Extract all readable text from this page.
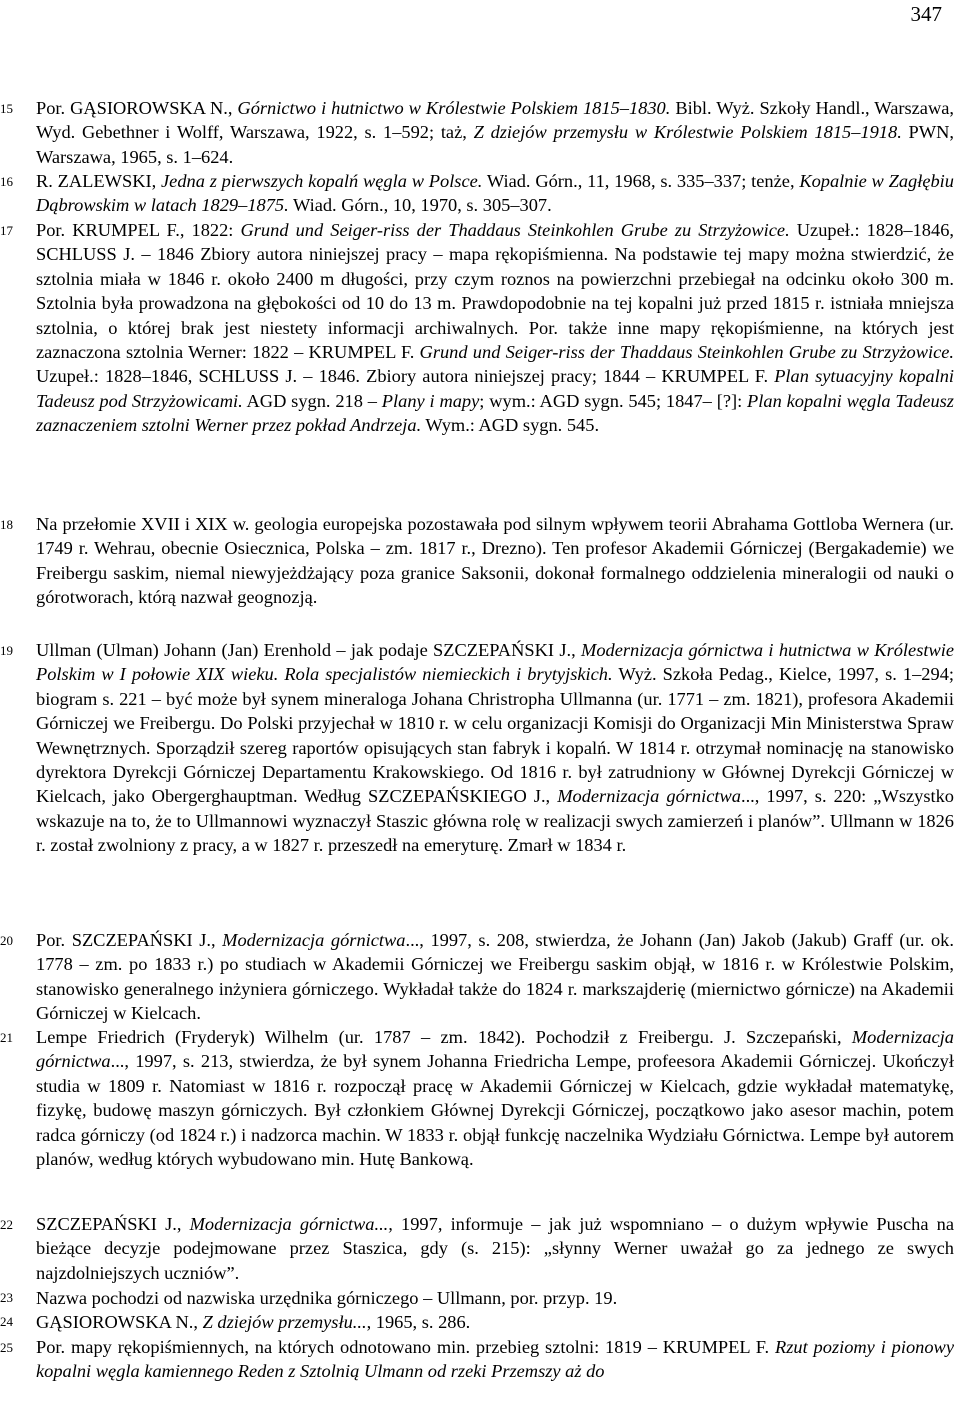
347
15 Por. GĄSIOROWSKA N., Górnictwo i hutnictwo w Królestwie Polskiem 1815–1830. Bibl. Wyż. Szkoły Handl., Warszawa, Wyd. Gebethner i Wolff, Warszawa, 1922, s. 1–592; taż, Z dziejów przemysłu w Królestwie Polskiem 1815–1918. PWN, Warszawa, 1965, s. 1–624.

16 R. ZALEWSKI, Jedna z pierwszych kopalń węgla w Polsce. Wiad. Górn., 11, 1968, s. 335–337; tenże, Kopalnie w Zagłębiu Dąbrowskim w latach 1829–1875. Wiad. Górn., 10, 1970, s. 305–307.

17 Por. KRUMPEL F., 1822: Grund und Seiger-riss der Thaddaus Steinkohlen Grube zu Strzyżowice. Uzupeł.: 1828–1846, SCHLUSS J. – 1846 Zbiory autora niniejszej pracy – mapa rękopiśmienna. Na podstawie tej mapy można stwierdzić, że sztolnia miała w 1846 r. około 2400 m długości, przy czym roznos na powierzchni przebiegał na odcinku około 300 m. Sztolnia była prowadzona na głębokości od 10 do 13 m. Prawdopodobnie na tej kopalni już przed 1815 r. istniała mniejsza sztolnia, o której brak jest niestety informacji archiwalnych. Por. także inne mapy rękopiśmienne, na których jest zaznaczona sztolnia Werner: 1822 – KRUMPEL F. Grund und Seiger-riss der Thaddaus Steinkohlen Grube zu Strzyżowice. Uzupeł.: 1828–1846, SCHLUSS J. – 1846. Zbiory autora niniejszej pracy; 1844 – KRUMPEL F. Plan sytuacyjny kopalni Tadeusz pod Strzyżowicami. AGD sygn. 218 – Plany i mapy; wym.: AGD sygn. 545; 1847– [?]: Plan kopalni węgla Tadeusz zaznaczeniem sztolni Werner przez pokład Andrzeja. Wym.: AGD sygn. 545.

18 Na przełomie XVII i XIX w. geologia europejska pozostawała pod silnym wpływem teorii Abrahama Gottloba Wernera (ur. 1749 r. Wehrau, obecnie Osiecznica, Polska – zm. 1817 r., Drezno). Ten profesor Akademii Górniczej (Bergakademie) we Freibergu saskim, niemal niewyjeżdżający poza granice Saksonii, dokonał formalnego oddzielenia mineralogii od nauki o górotworach, którą nazwał geognozją.

19 Ullman (Ulman) Johann (Jan) Erenhold – jak podaje SZCZEPAŃSKI J., Modernizacja górnictwa i hutnictwa w Królestwie Polskim w I połowie XIX wieku. Rola specjalistów niemieckich i brytyjskich. Wyż. Szkoła Pedag., Kielce, 1997, s. 1–294; biogram s. 221 – być może był synem mineraloga Johana Christropha Ullmanna (ur. 1771 – zm. 1821), profesora Akademii Górniczej we Freibergu. Do Polski przyjechał w 1810 r. w celu organizacji Komisji do Organizacji Min Ministerstwa Spraw Wewnętrznych. Sporządził szereg raportów opisujących stan fabryk i kopalń. W 1814 r. otrzymał nominację na stanowisko dyrektora Dyrekcji Górniczej Departamentu Krakowskiego. Od 1816 r. był zatrudniony w Głównej Dyrekcji Górniczej w Kielcach, jako Obergerghauptman. Według SZCZEPAŃSKIEGO J., Modernizacja górnictwa..., 1997, s. 220: „Wszystko wskazuje na to, że to Ullmannowi wyznaczył Staszic główna rolę w realizacji swych zamierzeń i planów”. Ullmann w 1826 r. został zwolniony z pracy, a w 1827 r. przeszedł na emeryturę. Zmarł w 1834 r.

20 Por. SZCZEPAŃSKI J., Modernizacja górnictwa..., 1997, s. 208, stwierdza, że Johann (Jan) Jakob (Jakub) Graff (ur. ok. 1778 – zm. po 1833 r.) po studiach w Akademii Górniczej we Freibergu saskim objął, w 1816 r. w Królestwie Polskim, stanowisko generalnego inżyniera górniczego. Wykładał także do 1824 r. markszajderię (miernictwo górnicze) na Akademii Górniczej w Kielcach.

21 Lempe Friedrich (Fryderyk) Wilhelm (ur. 1787 – zm. 1842). Pochodził z Freibergu. J. Szczepański, Modernizacja górnictwa..., 1997, s. 213, stwierdza, że był synem Johanna Friedricha Lempe, profeesora Akademii Górniczej. Ukończył studia w 1809 r. Natomiast w 1816 r. rozpoczął pracę w Akademii Górniczej w Kielcach, gdzie wykładał matematykę, fizykę, budowę maszyn górniczych. Był członkiem Głównej Dyrekcji Górniczej, początkowo jako asesor machin, potem radca górniczy (od 1824 r.) i nadzorca machin. W 1833 r. objął funkcję naczelnika Wydziału Górnictwa. Lempe był autorem planów, według których wybudowano min. Hutę Bankową.

22 SZCZEPAŃSKI J., Modernizacja górnictwa..., 1997, informuje – jak już wspomniano – o dużym wpływie Puscha na bieżące decyzje podejmowane przez Staszica, gdy (s. 215): „słynny Werner uważał go za jednego ze swych najzdolniejszych uczniów”.

23 Nazwa pochodzi od nazwiska urzędnika górniczego – Ullmann, por. przyp. 19.

24 GĄSIOROWSKA N., Z dziejów przemysłu..., 1965, s. 286.

25 Por. mapy rękopiśmiennych, na których odnotowano min. przebieg sztolni: 1819 – KRUMPEL F. Rzut poziomy i pionowy kopalni węgla kamiennego Reden z Sztolnią Ulmann od rzeki Przemszy aż do
